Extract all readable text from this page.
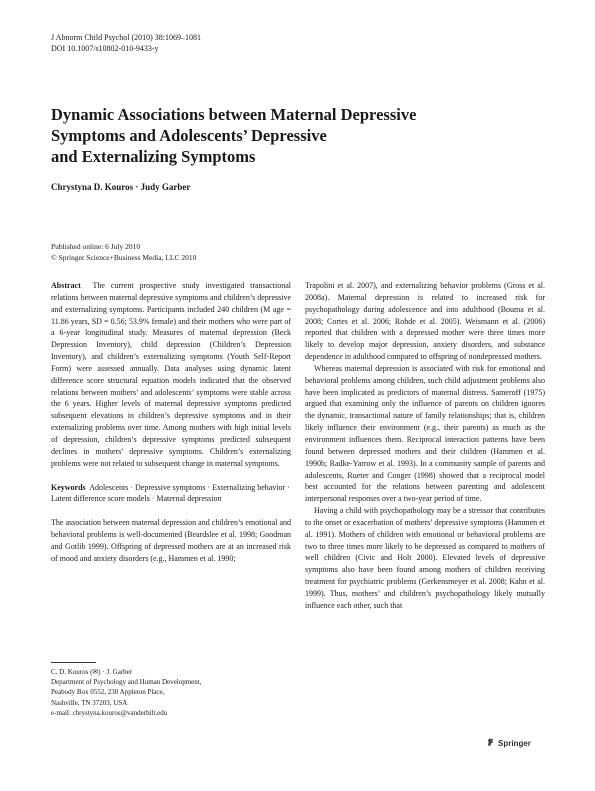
J Abnorm Child Psychol (2010) 38:1069–1081
DOI 10.1007/s10802-010-9433-y
Dynamic Associations between Maternal Depressive
Symptoms and Adolescents’ Depressive
and Externalizing Symptoms
Chrystyna D. Kouros · Judy Garber
Published online: 6 July 2010
© Springer Science+Business Media, LLC 2010

Abstract The current prospective study investigated transactional relations between maternal depressive symptoms and children’s depressive and externalizing symptoms. Participants included 240 children (M age = 11.86 years, SD = 0.56; 53.9% female) and their mothers who were part of a 6-year longitudinal study. Measures of maternal depression (Beck Depression Inventory), child depression (Children’s Depression Inventory), and children’s externalizing symptoms (Youth Self-Report Form) were assessed annually. Data analyses using dynamic latent difference score structural equation models indicated that the observed relations between mothers’ and adolescents’ symptoms were stable across the 6 years. Higher levels of maternal depressive symptoms predicted subsequent elevations in children’s depressive symptoms and in their externalizing problems over time. Among mothers with high initial levels of depression, children’s depressive symptoms predicted subsequent declines in mothers’ depressive symptoms. Children’s externalizing problems were not related to subsequent change in maternal symptoms.

Keywords Adolescents · Depressive symptoms · Externalizing behavior · Latent difference score models · Maternal depression

The association between maternal depression and children’s emotional and behavioral problems is well-documented (Beardslee et al. 1998; Goodman and Gotlib 1999). Offspring of depressed mothers are at an increased risk of mood and anxiety disorders (e.g., Hammen et al. 1990;

C. D. Kouros (✉) · J. Garber
Department of Psychology and Human Development,
Peabody Box 0552, 230 Appleton Place,
Nashville, TN 37203, USA
e-mail: chrystyna.kouros@vanderbilt.edu

Trapolini et al. 2007), and externalizing behavior problems (Gross et al. 2008a). Maternal depression is related to increased risk for psychopathology during adolescence and into adulthood (Bouma et al. 2008; Cortes et al. 2006; Rohde et al. 2005). Weismann et al. (2006) reported that children with a depressed mother were three times more likely to develop major depression, anxiety disorders, and substance dependence in adulthood compared to offspring of nondepressed mothers.

Whereas maternal depression is associated with risk for emotional and behavioral problems among children, such child adjustment problems also have been implicated as predictors of maternal distress. Sameroff (1975) argued that examining only the influence of parents on children ignores the dynamic, transactional nature of family relationships; that is, children likely influence their environment (e.g., their parents) as much as the environment influences them. Reciprocal interaction patterns have been found between depressed mothers and their children (Hammen et al. 1990b; Radke-Yarrow et al. 1993). In a community sample of parents and adolescents, Rueter and Conger (1998) showed that a reciprocal model best accounted for the relations between parenting and adolescent interpersonal responses over a two-year period of time.

Having a child with psychopathology may be a stressor that contributes to the onset or exacerbation of mothers’ depressive symptoms (Hammen et al. 1991). Mothers of children with emotional or behavioral problems are two to three times more likely to be depressed as compared to mothers of well children (Civic and Holt 2000). Elevated levels of depressive symptoms also have been found among mothers of children receiving treatment for psychiatric problems (Gerkensmeyer et al. 2008; Kahn et al. 1999). Thus, mothers’ and children’s psychopathology likely mutually influence each other, such that

Springer
